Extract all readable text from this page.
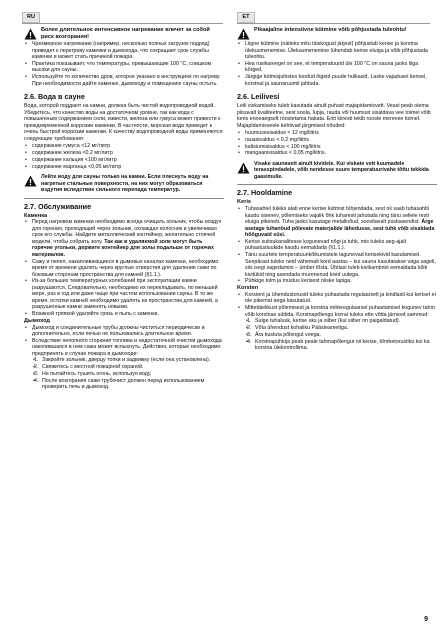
RU	ET
Более длительное интенсивное нагревание влечет за собой риск возгорания!
• Чрезмерное нагревание (например, несколько полных загрузок подряд) приведет к перегреву камеики и дымохода, что сокращает срок службы каменки и может стать причиной пожара.
• Практика показывает, что температуры, превышающие 100 °C, слишком высоки для сауны.
• Используйте то количество дров, которое указано в инструкциях по нагреву. При необходимости дайте каменке, дымоходу и помещению сауны остыть.
2.6. Вода в сауне
Вода, которой поддают на камни, должна быть чистой водопроводной водой. Убедитесь, что качество воды на достаточном уровне, так как вода с повышенным содержанием соли, извести, железа или гумуса может привести к преждевременной коррозии каменки. В частности, морская вода приведет к очень быстрой коррозии каменки. К качеству водопроводной воды применяются следующие требования:
• содержание гумуса <12 мг/литр
• содержание железа <0,2 мг/литр
• содержание кальция <100 мг/литр
• содержание марганца <0,05 мг/литр
Лейте воду для сауны только на камни. Если плеснуть воду на нагретые стальные поверхности, на них могут образоваться вздутия вследствие сильного перепада температур.
2.7. Обслуживание
Каменка
• Перед нагревом каменки необходимо всегда очищать зольник, чтобы воздух для горения, проходящий через зольник, охлаждал колосник и увеличивал срок его службы. Найдите металлический контейнер, желательно стоячей модели, чтобы собрать золу. Так как в удаляемой золе могут быть горячие угольки, держите контейнер для золы подальше от горючих материалов.
• Сажу и пепел, накапливающиеся в дымовых каналах каменки, необходимо время от времени удалять через круглые отверстия для удаления сажи по боковым сторонам пространства для камней (§1.1.).
• Из-за больших температурных колебаний при эксплуатации камни разрушаются. Следовательно, необходимо их перекладывать, по меньшей мере, раз в год или даже чаще при частом использовании сауны. В то же время, остатки камней необходимо удалять из пространства для камней, а разрушенные камни заменять новыми.
• Влажной тряпкой удаляйте грязь и пыль с каменки.
Дымоход
• Дымоход и соединительные трубы должны чиститься периодически и дополнительно, если печью не пользовались длительное время.
• Вследствие неполного сгорания топлива и недостаточной очистки дымохода накопившаяся в нем сажа может вспыхнуть. Действия, которые необходимо предпринять в случае пожара в дымоходе:
• 1. Закройте зольник, дверцу топки и задвижку (если она установлена).
• 2. Свяжитесь с местной пожарной охраной.
• 3. Не пытайтесь тушить огонь, используя воду.
• 4. После возгорания сажи трубочист должен перед использованием проверить печь и дымоход.
Pikaajaline intensiivne kütmine võib põhjustada tuleohtu!
• Liigne kütmine (näiteks mitu täiskogust järjest) põhjustab kerise ja korstna ülekuumenemise. Ülekuumenemine lühendab kerise eluiga ja võib põhjustada tuleohtu.
• Hea rusikareegel on see, et temperatuurid üle 100 °C on sauna jaoks liiga kõrged.
• Järgige kütmisjuhistes toodud õigeid puude hulkasid. Laske vajadusel kerisel, korstnal ja saunaruumil jahtuda.
2.6. Leilivesi
Leili viskamiseks tuleb kasutada ainult puhast majapidamisvett. Veasi peab olema piisavalt kvaliteetne, sest soola, lupja, rauda või huumust sisaldava vee toimel võib keris enneaegselt roostetama hakata. Eriti kiiresti teklb rooste merevee toimel. Majapidamisveele kehtivad järgmised nõuded:
• huumusesisaldus < 12 mg/liitris
• rauasisaldus < 0,2 mg/liitris
• kaltsiumisisaldus < 100 mg/liitris
• mangaanisisaldus < 0,05 mg/liitris.
Visake saunavett ainult kividele. Kui viskate vett kuumadele terasspindadele, võib nendesse suure temperatuurivahe tõttu tekkida gaasimulle.
2.7. Hooldamine
Keris
• Tuhasahtel tuleks alati enne kerise kütmist tühjendada, sest nii saab tuhasahtli kaudu sisenev, põlemiseks vajalik õhk tuharesti jahutada ning tänu sellele resti eluiga pikeneb. Tuha jaoks kasutage metallnõud, soovitavalt püstiasendist. Ärge asetage tuhanõud põlevate materjalide lähedusse, sest tuhk võib sisaldada hõõguvaid süsi.
• Kerise suitsukanalitesse kogunevad nõgi ja tuhk, mis tuleks aeg-ajalt puhastusluukide kaudu eemaldada (§1.1.).
• Tänu suurtele temperatuurikõikumistele lagunevad kerisekivid kasutamisel. Seepärast tuleks neid vähemalt kord aastas – kui sauna kasutatakse väga sageli, siis isegi sagedamini – ümber tõsta. Ühtlasi tuleb kivikambrist eemaldada kõik kivitükid ning asendada murenenud kivid uutega.
• Pühkige tolm ja mustus kerisest niiske lapiga.
Korsten
• Korstent ja ühendustorusid tuleks puhastada regulaarselt ja kindlasti kui keriset ei ole pikemat aega kasutatud.
• Mittetäielikust põlemisest ja korstna mitteregulaarsel puhastamisel kogunev tahm võib korstnas süttida. Korstnapõlengu korral tuleks ette võtta järnevd sammud:
• 1. Sulge tuhaluuk, kerise uks ja siiber (kui siiber on paigaldatud).
• 2. Võta ühendust kohaliku Päästeametiga.
• 3. Ära kustuta põlengut veega.
• 4. Korstnapühkija peab peale tahmapõlengut nii kerise, tõmbetorustiku kui ka korstna ülekontrollima.
9
